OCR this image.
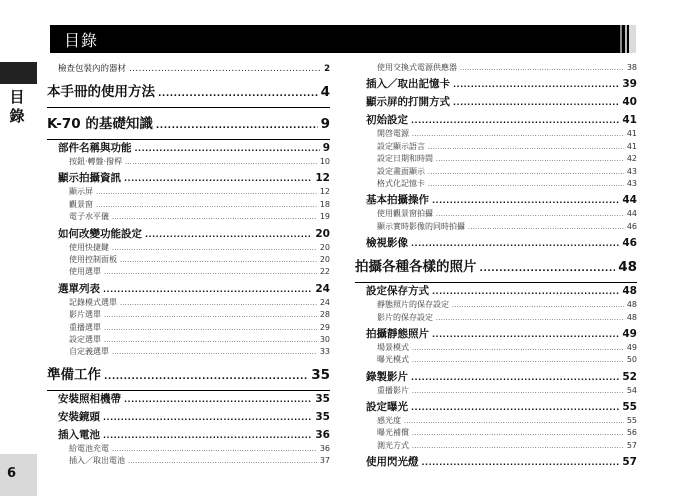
目錄
目
錄
6
檢查包裝內的器材 .....	2
本手冊的使用方法 .....	4
K-70 的基礎知識 .....	9
部件名稱與功能 .....	9
按鈕‧轉盤‧撥桿 .....	10
顯示拍攝資訊 .....	12
顯示屏 .....	12
觀景窗 .....	18
電子水平儀 .....	19
如何改變功能設定 .....	20
使用快捷鍵 .....	20
使用控制面板 .....	20
使用選單 .....	22
選單列表 .....	24
記錄模式選單 .....	24
影片選單 .....	28
重播選單 .....	29
設定選單 .....	30
自定義選單 .....	33
準備工作 .....	35
安裝照相機帶 .....	35
安裝鏡頭 .....	35
插入電池 .....	36
給電池充電 .....	36
插入／取出電池 .....	37
使用交換式電源供應器 .....	38
插入／取出記憶卡 .....	39
顯示屏的打開方式 .....	40
初始設定 .....	41
開啓電源 .....	41
設定顯示語言 .....	41
設定日期和時間 .....	42
設定畫面顯示 .....	43
格式化記憶卡 .....	43
基本拍攝操作 .....	44
使用觀景窗拍攝 .....	44
顯示實時影像的同時拍攝 .....	46
檢視影像 .....	46
拍攝各種各樣的照片 .....	48
設定保存方式 .....	48
靜態照片的保存設定 .....	48
影片的保存設定 .....	48
拍攝靜態照片 .....	49
場景模式 .....	49
曝光模式 .....	50
錄製影片 .....	52
重播影片 .....	54
設定曝光 .....	55
感光度 .....	55
曝光補償 .....	56
測光方式 .....	57
使用閃光燈 .....	57
